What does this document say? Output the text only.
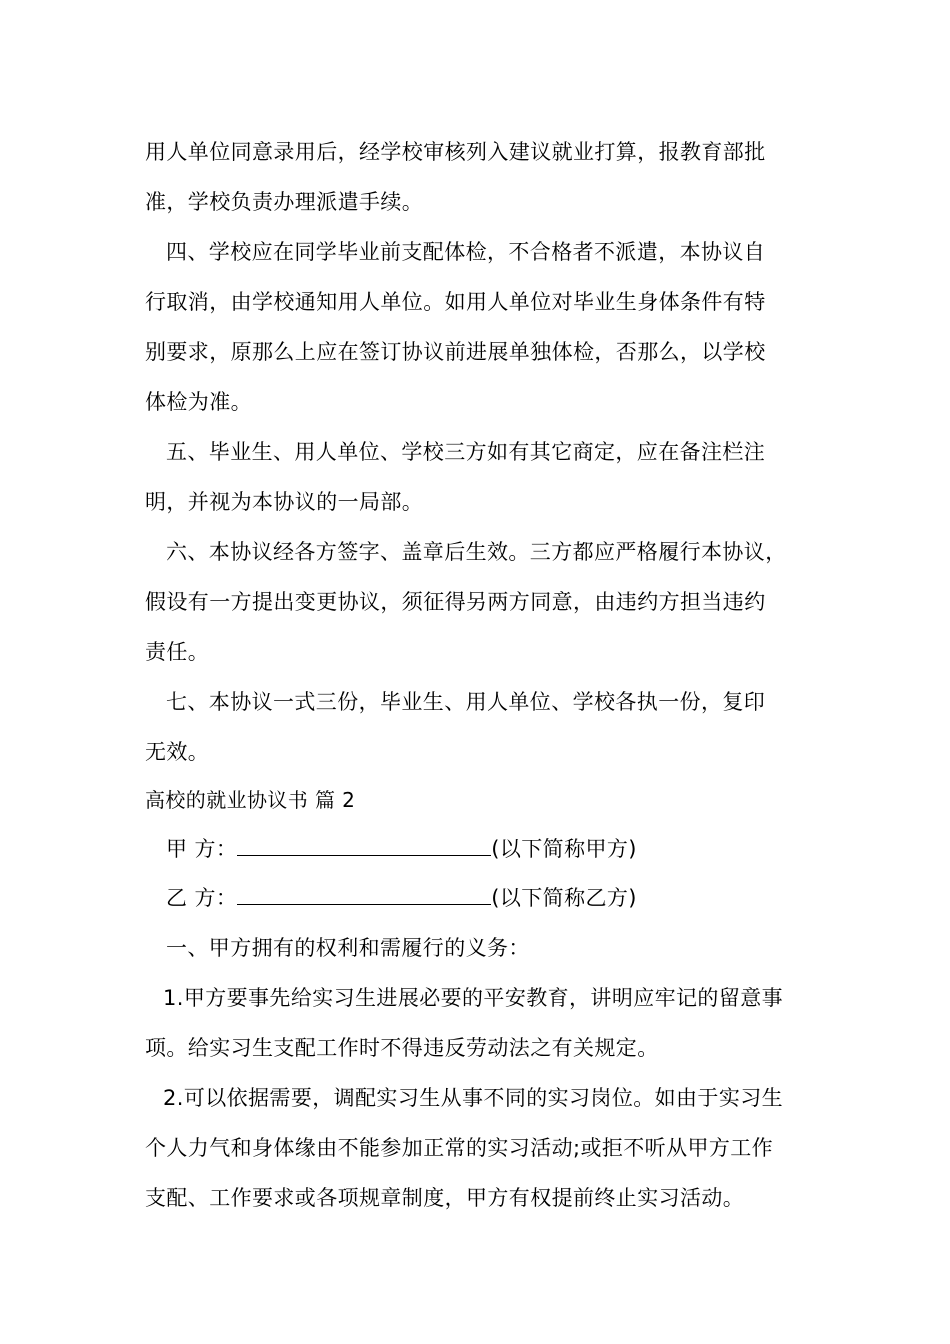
用人单位同意录用后，经学校审核列入建议就业打算，报教育部批
准，学校负责办理派遣手续。
四、学校应在同学毕业前支配体检，不合格者不派遣，本协议自
行取消，由学校通知用人单位。如用人单位对毕业生身体条件有特
别要求，原那么上应在签订协议前进展单独体检，否那么，以学校
体检为准。
五、毕业生、用人单位、学校三方如有其它商定，应在备注栏注
明，并视为本协议的一局部。
六、本协议经各方签字、盖章后生效。三方都应严格履行本协议，
假设有一方提出变更协议，须征得另两方同意，由违约方担当违约
责任。
七、本协议一式三份，毕业生、用人单位、学校各执一份，复印
无效。
高校的就业协议书 篇 2
甲 方：	(以下简称甲方)
乙 方：	(以下简称乙方)
一、甲方拥有的权利和需履行的义务：
1.甲方要事先给实习生进展必要的平安教育，讲明应牢记的留意事
项。给实习生支配工作时不得违反劳动法之有关规定。
2.可以依据需要，调配实习生从事不同的实习岗位。如由于实习生
个人力气和身体缘由不能参加正常的实习活动;或拒不听从甲方工作
支配、工作要求或各项规章制度，甲方有权提前终止实习活动。
